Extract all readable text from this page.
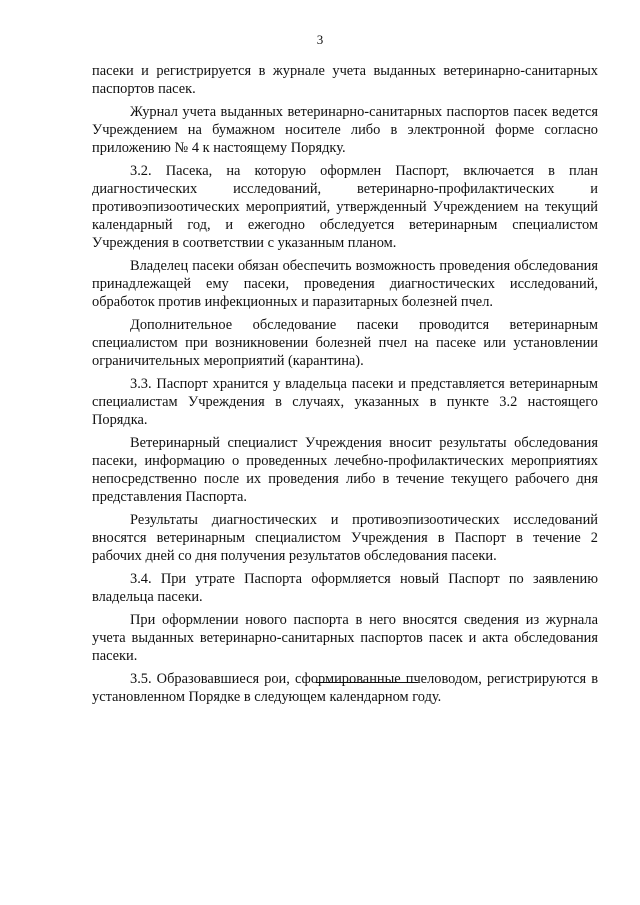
3

пасеки и регистрируется в журнале учета выданных ветеринарно-санитарных паспортов пасек.

Журнал учета выданных ветеринарно-санитарных паспортов пасек ведется Учреждением на бумажном носителе либо в электронной форме согласно приложению № 4 к настоящему Порядку.

3.2. Пасека, на которую оформлен Паспорт, включается в план диагностических исследований, ветеринарно-профилактических и противоэпизоотических мероприятий, утвержденный Учреждением на текущий календарный год, и ежегодно обследуется ветеринарным специалистом Учреждения в соответствии с указанным планом.

Владелец пасеки обязан обеспечить возможность проведения обследования принадлежащей ему пасеки, проведения диагностических исследований, обработок против инфекционных и паразитарных болезней пчел.

Дополнительное обследование пасеки проводится ветеринарным специалистом при возникновении болезней пчел на пасеке или установлении ограничительных мероприятий (карантина).

3.3. Паспорт хранится у владельца пасеки и представляется ветеринарным специалистам Учреждения в случаях, указанных в пункте 3.2 настоящего Порядка.

Ветеринарный специалист Учреждения вносит результаты обследования пасеки, информацию о проведенных лечебно-профилактических мероприятиях непосредственно после их проведения либо в течение текущего рабочего дня представления Паспорта.

Результаты диагностических и противоэпизоотических исследований вносятся ветеринарным специалистом Учреждения в Паспорт в течение 2 рабочих дней со дня получения результатов обследования пасеки.

3.4. При утрате Паспорта оформляется новый Паспорт по заявлению владельца пасеки.

При оформлении нового паспорта в него вносятся сведения из журнала учета выданных ветеринарно-санитарных паспортов пасек и акта обследования пасеки.

3.5. Образовавшиеся рои, сформированные пчеловодом, регистрируются в установленном Порядке в следующем календарном году.
